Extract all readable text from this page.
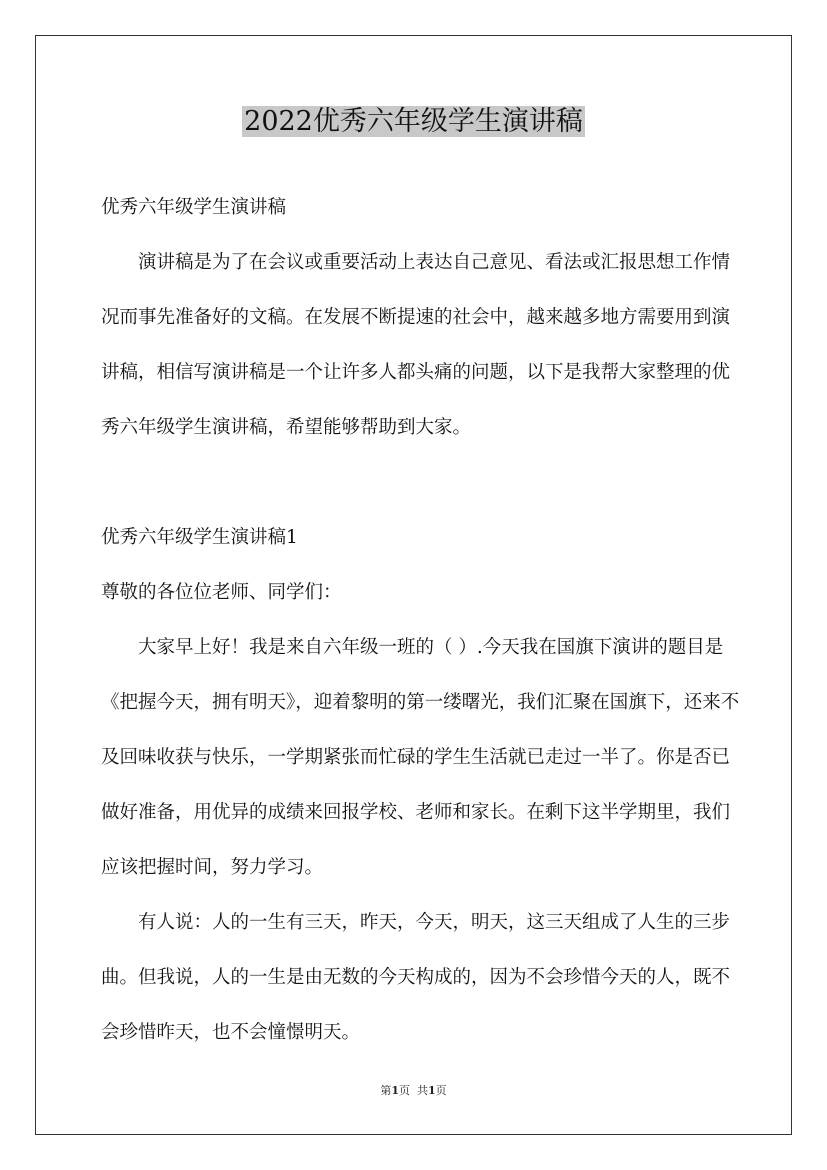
2022优秀六年级学生演讲稿

优秀六年级学生演讲稿

演讲稿是为了在会议或重要活动上表达自己意见、看法或汇报思想工作情况而事先准备好的文稿。在发展不断提速的社会中，越来越多地方需要用到演讲稿，相信写演讲稿是一个让许多人都头痛的问题，以下是我帮大家整理的优秀六年级学生演讲稿，希望能够帮助到大家。

优秀六年级学生演讲稿1

尊敬的各位位老师、同学们：

大家早上好！我是来自六年级一班的（ ）.今天我在国旗下演讲的题目是《把握今天，拥有明天》，迎着黎明的第一缕曙光，我们汇聚在国旗下，还来不及回味收获与快乐，一学期紧张而忙碌的学生生活就已走过一半了。你是否已做好准备，用优异的成绩来回报学校、老师和家长。在剩下这半学期里，我们应该把握时间，努力学习。

有人说：人的一生有三天，昨天，今天，明天，这三天组成了人生的三步曲。但我说，人的一生是由无数的今天构成的，因为不会珍惜今天的人，既不会珍惜昨天，也不会憧憬明天。

第1页  共1页
